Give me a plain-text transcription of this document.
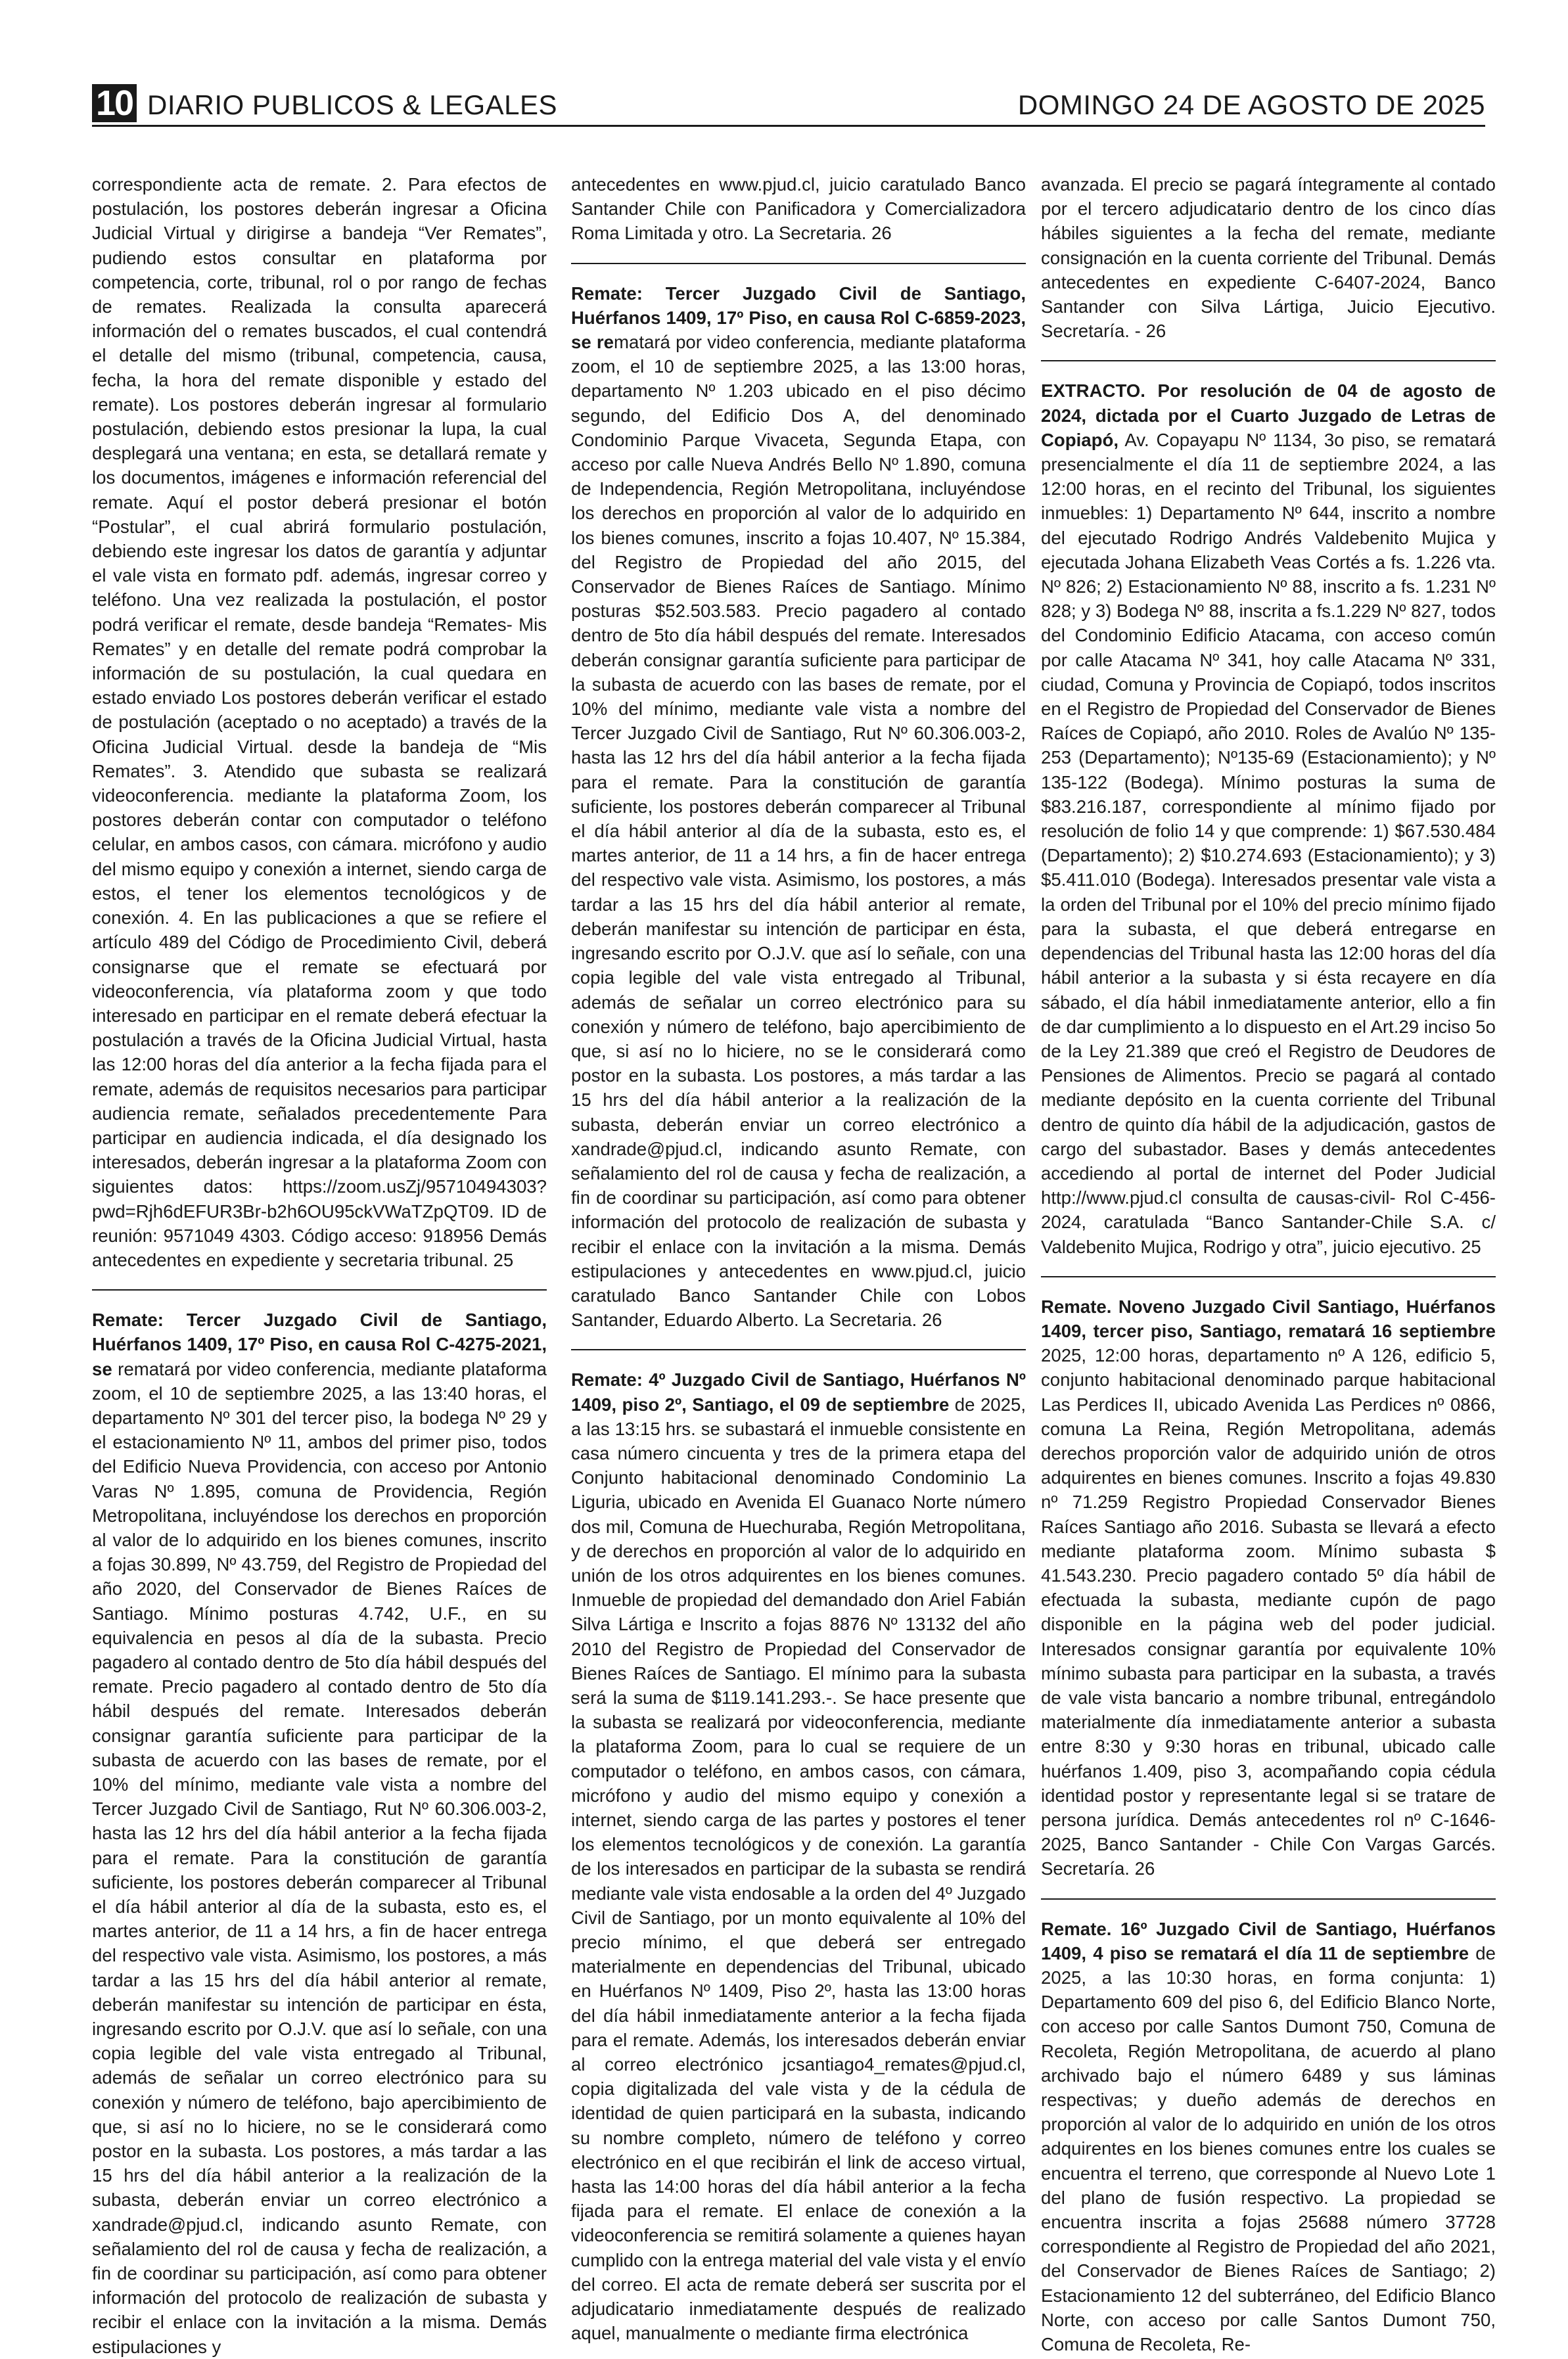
10 DIARIO PUBLICOS & LEGALES	DOMINGO 24 DE AGOSTO DE 2025

correspondiente acta de remate. 2. Para efectos de postulación, los postores deberán ingresar a Oficina Judicial Virtual y dirigirse a bandeja “Ver Remates”, pudiendo estos consultar en plataforma por competencia, corte, tribunal, rol o por rango de fechas de remates. Realizada la consulta aparecerá información del o remates buscados, el cual contendrá el detalle del mismo (tribunal, competencia, causa, fecha, la hora del remate disponible y estado del remate). Los postores deberán ingresar al formulario postulación, debiendo estos presionar la lupa, la cual desplegará una ventana; en esta, se detallará remate y los documentos, imágenes e información referencial del remate. Aquí el postor deberá presionar el botón “Postular”, el cual abrirá formulario postulación, debiendo este ingresar los datos de garantía y adjuntar el vale vista en formato pdf. además, ingresar correo y teléfono. Una vez realizada la postulación, el postor podrá verificar el remate, desde bandeja “Remates- Mis Remates” y en detalle del remate podrá comprobar la información de su postulación, la cual quedara en estado enviado Los postores deberán verificar el estado de postulación (aceptado o no aceptado) a través de la Oficina Judicial Virtual. desde la bandeja de “Mis Remates”. 3. Atendido que subasta se realizará videoconferencia. mediante la plataforma Zoom, los postores deberán contar con computador o teléfono celular, en ambos casos, con cámara. micrófono y audio del mismo equipo y conexión a internet, siendo carga de estos, el tener los elementos tecnológicos y de conexión. 4. En las publicaciones a que se refiere el artículo 489 del Código de Procedimiento Civil, deberá consignarse que el remate se efectuará por videoconferencia, vía plataforma zoom y que todo interesado en participar en el remate deberá efectuar la postulación a través de la Oficina Judicial Virtual, hasta las 12:00 horas del día anterior a la fecha fijada para el remate, además de requisitos necesarios para participar audiencia remate, señalados precedentemente Para participar en audiencia indicada, el día designado los interesados, deberán ingresar a la plataforma Zoom con siguientes datos: https://zoom.usZj/95710494303?pwd=Rjh6dEFUR3Br-b2h6OU95ckVWaTZpQT09. ID de reunión: 9571049 4303. Código acceso: 918956 Demás antecedentes en expediente y secretaria tribunal. 25

Remate: Tercer Juzgado Civil de Santiago, Huérfanos 1409, 17º Piso, en causa Rol C-4275-2021, se rematará por video conferencia, mediante plataforma zoom, el 10 de septiembre 2025, a las 13:40 horas, el departamento Nº 301 del tercer piso, la bodega Nº 29 y el estacionamiento Nº 11, ambos del primer piso, todos del Edificio Nueva Providencia, con acceso por Antonio Varas Nº 1.895, comuna de Providencia, Región Metropolitana, incluyéndose los derechos en proporción al valor de lo adquirido en los bienes comunes, inscrito a fojas 30.899, Nº 43.759, del Registro de Propiedad del año 2020, del Conservador de Bienes Raíces de Santiago. Mínimo posturas 4.742, U.F., en su equivalencia en pesos al día de la subasta. Precio pagadero al contado dentro de 5to día hábil después del remate. Precio pagadero al contado dentro de 5to día hábil después del remate. Interesados deberán consignar garantía suficiente para participar de la subasta de acuerdo con las bases de remate, por el 10% del mínimo, mediante vale vista a nombre del Tercer Juzgado Civil de Santiago, Rut Nº 60.306.003-2, hasta las 12 hrs del día hábil anterior a la fecha fijada para el remate. Para la constitución de garantía suficiente, los postores deberán comparecer al Tribunal el día hábil anterior al día de la subasta, esto es, el martes anterior, de 11 a 14 hrs, a fin de hacer entrega del respectivo vale vista. Asimismo, los postores, a más tardar a las 15 hrs del día hábil anterior al remate, deberán manifestar su intención de participar en ésta, ingresando escrito por O.J.V. que así lo señale, con una copia legible del vale vista entregado al Tribunal, además de señalar un correo electrónico para su conexión y número de teléfono, bajo apercibimiento de que, si así no lo hiciere, no se le considerará como postor en la subasta. Los postores, a más tardar a las 15 hrs del día hábil anterior a la realización de la subasta, deberán enviar un correo electrónico a xandrade@pjud.cl, indicando asunto Remate, con señalamiento del rol de causa y fecha de realización, a fin de coordinar su participación, así como para obtener información del protocolo de realización de subasta y recibir el enlace con la invitación a la misma. Demás estipulaciones y

antecedentes en www.pjud.cl, juicio caratulado Banco Santander Chile con Panificadora y Comercializadora Roma Limitada y otro. La Secretaria. 26

Remate: Tercer Juzgado Civil de Santiago, Huérfanos 1409, 17º Piso, en causa Rol C-6859-2023, se rematará por video conferencia, mediante plataforma zoom, el 10 de septiembre 2025, a las 13:00 horas, departamento Nº 1.203 ubicado en el piso décimo segundo, del Edificio Dos A, del denominado Condominio Parque Vivaceta, Segunda Etapa, con acceso por calle Nueva Andrés Bello Nº 1.890, comuna de Independencia, Región Metropolitana, incluyéndose los derechos en proporción al valor de lo adquirido en los bienes comunes, inscrito a fojas 10.407, Nº 15.384, del Registro de Propiedad del año 2015, del Conservador de Bienes Raíces de Santiago. Mínimo posturas $52.503.583. Precio pagadero al contado dentro de 5to día hábil después del remate. Interesados deberán consignar garantía suficiente para participar de la subasta de acuerdo con las bases de remate, por el 10% del mínimo, mediante vale vista a nombre del Tercer Juzgado Civil de Santiago, Rut Nº 60.306.003-2, hasta las 12 hrs del día hábil anterior a la fecha fijada para el remate. Para la constitución de garantía suficiente, los postores deberán comparecer al Tribunal el día hábil anterior al día de la subasta, esto es, el martes anterior, de 11 a 14 hrs, a fin de hacer entrega del respectivo vale vista. Asimismo, los postores, a más tardar a las 15 hrs del día hábil anterior al remate, deberán manifestar su intención de participar en ésta, ingresando escrito por O.J.V. que así lo señale, con una copia legible del vale vista entregado al Tribunal, además de señalar un correo electrónico para su conexión y número de teléfono, bajo apercibimiento de que, si así no lo hiciere, no se le considerará como postor en la subasta. Los postores, a más tardar a las 15 hrs del día hábil anterior a la realización de la subasta, deberán enviar un correo electrónico a xandrade@pjud.cl, indicando asunto Remate, con señalamiento del rol de causa y fecha de realización, a fin de coordinar su participación, así como para obtener información del protocolo de realización de subasta y recibir el enlace con la invitación a la misma. Demás estipulaciones y antecedentes en www.pjud.cl, juicio caratulado Banco Santander Chile con Lobos Santander, Eduardo Alberto. La Secretaria. 26

Remate: 4º Juzgado Civil de Santiago, Huérfanos Nº 1409, piso 2º, Santiago, el 09 de septiembre de 2025, a las 13:15 hrs. se subastará el inmueble consistente en casa número cincuenta y tres de la primera etapa del Conjunto habitacional denominado Condominio La Liguria, ubicado en Avenida El Guanaco Norte número dos mil, Comuna de Huechuraba, Región Metropolitana, y de derechos en proporción al valor de lo adquirido en unión de los otros adquirentes en los bienes comunes. Inmueble de propiedad del demandado don Ariel Fabián Silva Lártiga e Inscrito a fojas 8876 Nº 13132 del año 2010 del Registro de Propiedad del Conservador de Bienes Raíces de Santiago. El mínimo para la subasta será la suma de $119.141.293.-. Se hace presente que la subasta se realizará por videoconferencia, mediante la plataforma Zoom, para lo cual se requiere de un computador o teléfono, en ambos casos, con cámara, micrófono y audio del mismo equipo y conexión a internet, siendo carga de las partes y postores el tener los elementos tecnológicos y de conexión. La garantía de los interesados en participar de la subasta se rendirá mediante vale vista endosable a la orden del 4º Juzgado Civil de Santiago, por un monto equivalente al 10% del precio mínimo, el que deberá ser entregado materialmente en dependencias del Tribunal, ubicado en Huérfanos Nº 1409, Piso 2º, hasta las 13:00 horas del día hábil inmediatamente anterior a la fecha fijada para el remate. Además, los interesados deberán enviar al correo electrónico jcsantiago4_remates@pjud.cl, copia digitalizada del vale vista y de la cédula de identidad de quien participará en la subasta, indicando su nombre completo, número de teléfono y correo electrónico en el que recibirán el link de acceso virtual, hasta las 14:00 horas del día hábil anterior a la fecha fijada para el remate. El enlace de conexión a la videoconferencia se remitirá solamente a quienes hayan cumplido con la entrega material del vale vista y el envío del correo. El acta de remate deberá ser suscrita por el adjudicatario inmediatamente después de realizado aquel, manualmente o mediante firma electrónica

avanzada. El precio se pagará íntegramente al contado por el tercero adjudicatario dentro de los cinco días hábiles siguientes a la fecha del remate, mediante consignación en la cuenta corriente del Tribunal. Demás antecedentes en expediente C-6407-2024, Banco Santander con Silva Lártiga, Juicio Ejecutivo. Secretaría. - 26

EXTRACTO. Por resolución de 04 de agosto de 2024, dictada por el Cuarto Juzgado de Letras de Copiapó, Av. Copayapu Nº 1134, 3o piso, se rematará presencialmente el día 11 de septiembre 2024, a las 12:00 horas, en el recinto del Tribunal, los siguientes inmuebles: 1) Departamento Nº 644, inscrito a nombre del ejecutado Rodrigo Andrés Valdebenito Mujica y ejecutada Johana Elizabeth Veas Cortés a fs. 1.226 vta. Nº 826; 2) Estacionamiento Nº 88, inscrito a fs. 1.231 Nº 828; y 3) Bodega Nº 88, inscrita a fs.1.229 Nº 827, todos del Condominio Edificio Atacama, con acceso común por calle Atacama Nº 341, hoy calle Atacama Nº 331, ciudad, Comuna y Provincia de Copiapó, todos inscritos en el Registro de Propiedad del Conservador de Bienes Raíces de Copiapó, año 2010. Roles de Avalúo Nº 135-253 (Departamento); Nº135-69 (Estacionamiento); y Nº 135-122 (Bodega). Mínimo posturas la suma de $83.216.187, correspondiente al mínimo fijado por resolución de folio 14 y que comprende: 1) $67.530.484 (Departamento); 2) $10.274.693 (Estacionamiento); y 3) $5.411.010 (Bodega). Interesados presentar vale vista a la orden del Tribunal por el 10% del precio mínimo fijado para la subasta, el que deberá entregarse en dependencias del Tribunal hasta las 12:00 horas del día hábil anterior a la subasta y si ésta recayere en día sábado, el día hábil inmediatamente anterior, ello a fin de dar cumplimiento a lo dispuesto en el Art.29 inciso 5o de la Ley 21.389 que creó el Registro de Deudores de Pensiones de Alimentos. Precio se pagará al contado mediante depósito en la cuenta corriente del Tribunal dentro de quinto día hábil de la adjudicación, gastos de cargo del subastador. Bases y demás antecedentes accediendo al portal de internet del Poder Judicial http://www.pjud.cl consulta de causas-civil- Rol C-456-2024, caratulada “Banco Santander-Chile S.A. c/ Valdebenito Mujica, Rodrigo y otra”, juicio ejecutivo. 25

Remate. Noveno Juzgado Civil Santiago, Huérfanos 1409, tercer piso, Santiago, rematará 16 septiembre 2025, 12:00 horas, departamento nº A 126, edificio 5, conjunto habitacional denominado parque habitacional Las Perdices II, ubicado Avenida Las Perdices nº 0866, comuna La Reina, Región Metropolitana, además derechos proporción valor de adquirido unión de otros adquirentes en bienes comunes. Inscrito a fojas 49.830 nº 71.259 Registro Propiedad Conservador Bienes Raíces Santiago año 2016. Subasta se llevará a efecto mediante plataforma zoom. Mínimo subasta $ 41.543.230. Precio pagadero contado 5º día hábil de efectuada la subasta, mediante cupón de pago disponible en la página web del poder judicial. Interesados consignar garantía por equivalente 10% mínimo subasta para participar en la subasta, a través de vale vista bancario a nombre tribunal, entregándolo materialmente día inmediatamente anterior a subasta entre 8:30 y 9:30 horas en tribunal, ubicado calle huérfanos 1.409, piso 3, acompañando copia cédula identidad postor y representante legal si se tratare de persona jurídica. Demás antecedentes rol nº C-1646-2025, Banco Santander - Chile Con Vargas Garcés. Secretaría. 26

Remate. 16º Juzgado Civil de Santiago, Huérfanos 1409, 4 piso se rematará el día 11 de septiembre de 2025, a las 10:30 horas, en forma conjunta: 1) Departamento 609 del piso 6, del Edificio Blanco Norte, con acceso por calle Santos Dumont 750, Comuna de Recoleta, Región Metropolitana, de acuerdo al plano archivado bajo el número 6489 y sus láminas respectivas; y dueño además de derechos en proporción al valor de lo adquirido en unión de los otros adquirentes en los bienes comunes entre los cuales se encuentra el terreno, que corresponde al Nuevo Lote 1 del plano de fusión respectivo. La propiedad se encuentra inscrita a fojas 25688 número 37728 correspondiente al Registro de Propiedad del año 2021, del Conservador de Bienes Raíces de Santiago; 2) Estacionamiento 12 del subterráneo, del Edificio Blanco Norte, con acceso por calle Santos Dumont 750, Comuna de Recoleta, Re-
